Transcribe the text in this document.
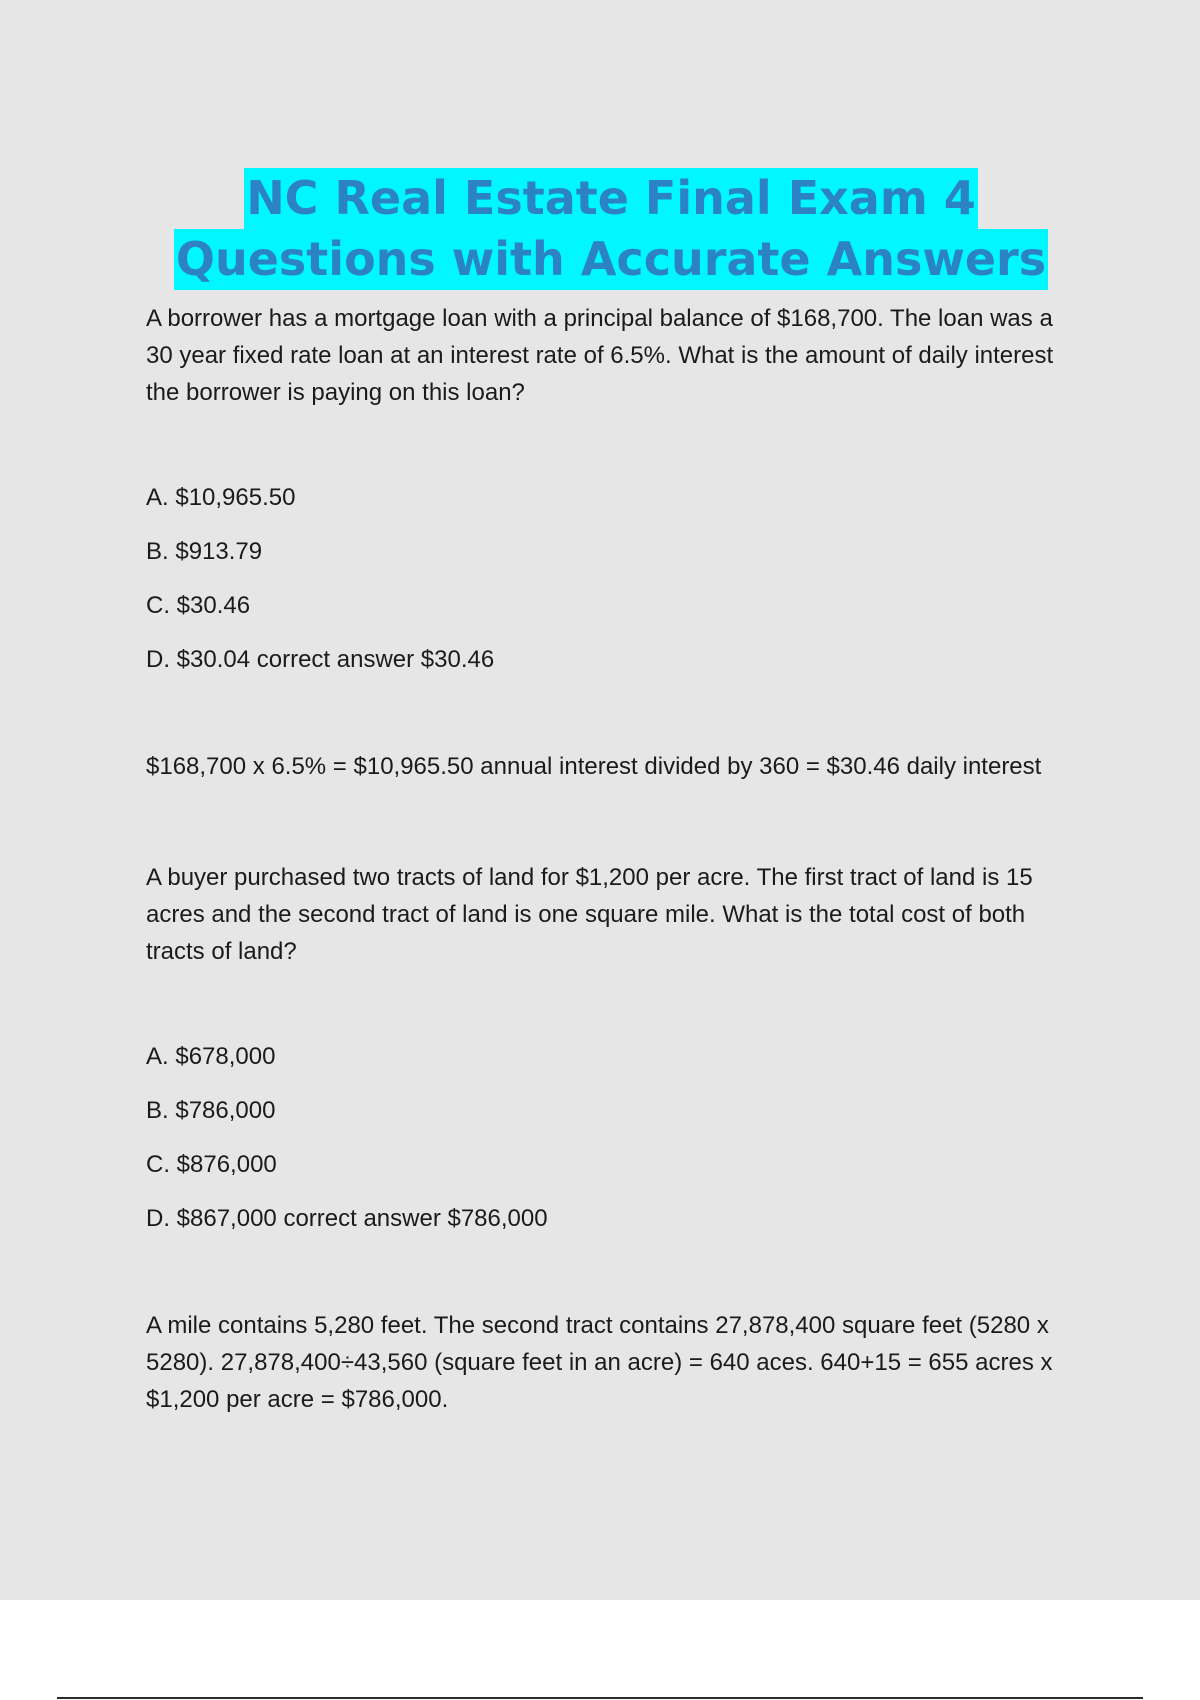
NC Real Estate Final Exam 4
Questions with Accurate Answers

A borrower has a mortgage loan with a principal balance of $168,700. The loan was a 30 year fixed rate loan at an interest rate of 6.5%. What is the amount of daily interest the borrower is paying on this loan?

A. $10,965.50

B. $913.79

C. $30.46

D. $30.04 correct answer $30.46

$168,700 x 6.5% = $10,965.50 annual interest divided by 360 = $30.46 daily interest

A buyer purchased two tracts of land for $1,200 per acre. The first tract of land is 15 acres and the second tract of land is one square mile. What is the total cost of both tracts of land?

A. $678,000

B. $786,000

C. $876,000

D. $867,000 correct answer $786,000

A mile contains 5,280 feet. The second tract contains 27,878,400 square feet (5280 x 5280). 27,878,400÷43,560 (square feet in an acre) = 640 aces. 640+15 = 655 acres x $1,200 per acre = $786,000.
